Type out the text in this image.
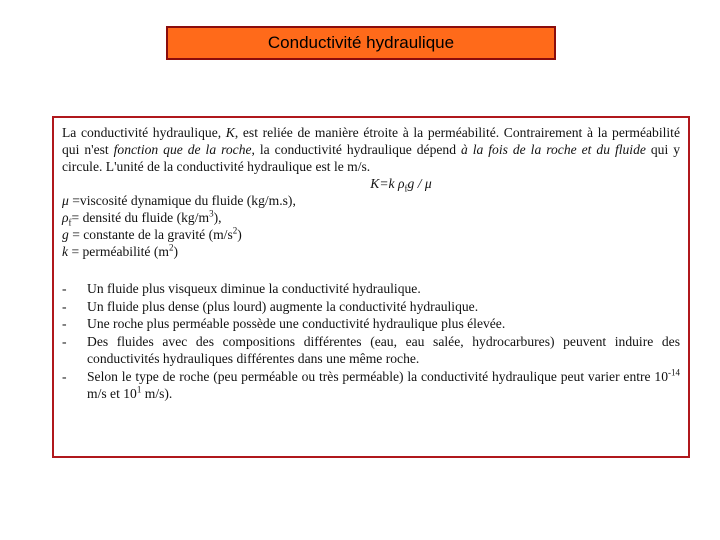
Conductivité hydraulique

La conductivité hydraulique, K, est reliée de manière étroite à la perméabilité. Contrairement à la perméabilité qui n'est fonction que de la roche, la conductivité hydraulique dépend à la fois de la roche et du fluide qui y circule. L'unité de la conductivité hydraulique est le m/s.

K=k $\rho_fg$ / μ

μ =viscosité dynamique du fluide (kg/m.s),

$\rho_f=$ densité du fluide $(kg/m^3)$,

g = constante de la gravité $(m/s^2)$

k = perméabilité $(m^2)$

- Un fluide plus visqueux diminue la conductivité hydraulique.
- Un fluide plus dense (plus lourd) augmente la conductivité hydraulique.
- Une roche plus perméable possède une conductivité hydraulique plus élevée.
- Des fluides avec des compositions différentes (eau, eau salée, hydrocarbures) peuvent induire des conductivités hydrauliques différentes dans une même roche.
- Selon le type de roche (peu perméable ou très perméable) la conductivité hydraulique peut varier entre $10^{-14}$ m/s et $10^1$ m/s).
